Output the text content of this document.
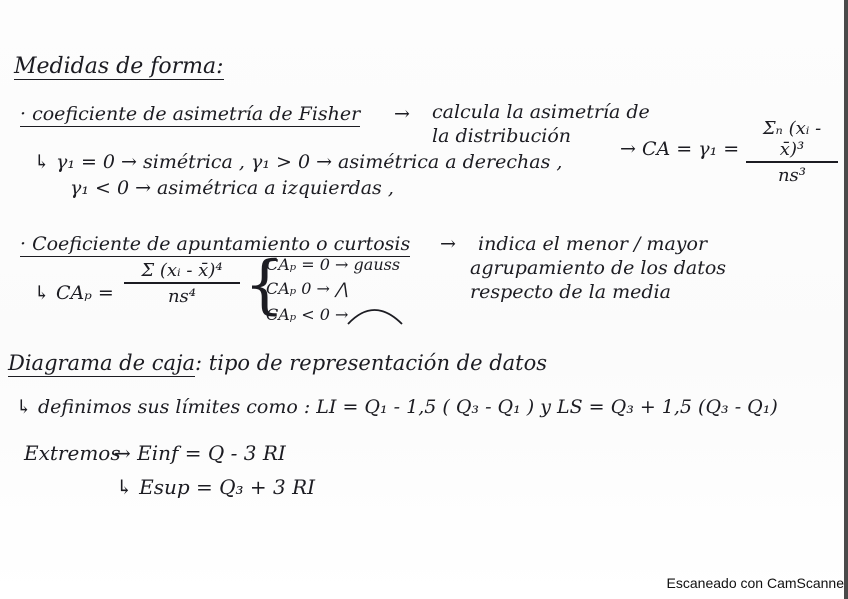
Medidas de forma:
· coeficiente de asimetría de Fisher → calcula la asimetría de
la distribución
→ CA = γ₁ =
Σₙ (xᵢ - x̄)³
ns³
↳ γ₁ = 0 → simétrica , γ₁ > 0 → asimétrica a derechas ,
γ₁ < 0 → asimétrica a izquierdas ,
· Coeficiente de apuntamiento o curtosis → indica el menor / mayor
agrupamiento de los datos
respecto de la media
↳ CAₚ =
Σ (xᵢ - x̄)⁴
ns⁴ {
CAₚ = 0 → gauss
CAₚ 0 → ⋀
CAₚ < 0 →
Diagrama de caja: tipo de representación de datos
↳ definimos sus límites como : LI = Q₁ - 1,5 ( Q₃ - Q₁ ) y LS = Q₃ + 1,5 (Q₃ - Q₁)
Extremos
→ Einf = Q - 3 RI
↳ Esup = Q₃ + 3 RI
Escaneado con CamScanne
